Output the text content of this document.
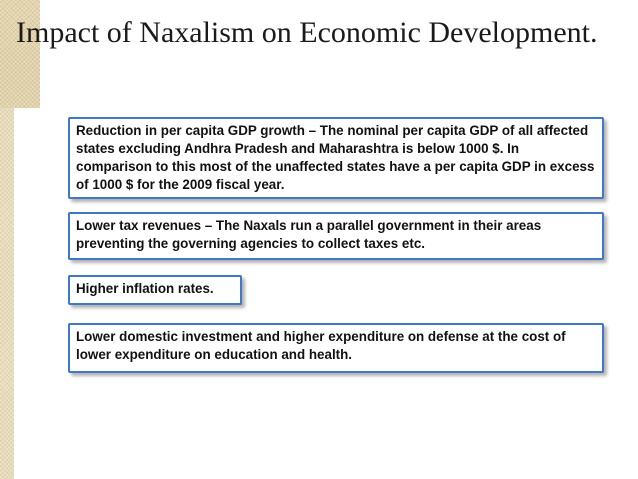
Impact of Naxalism on Economic Development.
Reduction in per capita GDP growth – The nominal per capita GDP of all affected states excluding Andhra Pradesh and Maharashtra is below 1000 $. In comparison to this most of the unaffected states have a per capita GDP in excess of 1000 $ for the 2009 fiscal year.
Lower tax revenues – The Naxals run a parallel government in their areas preventing the governing agencies to collect taxes etc.
Higher inflation rates.
Lower domestic investment and higher expenditure on defense at the cost of lower expenditure on education and health.
